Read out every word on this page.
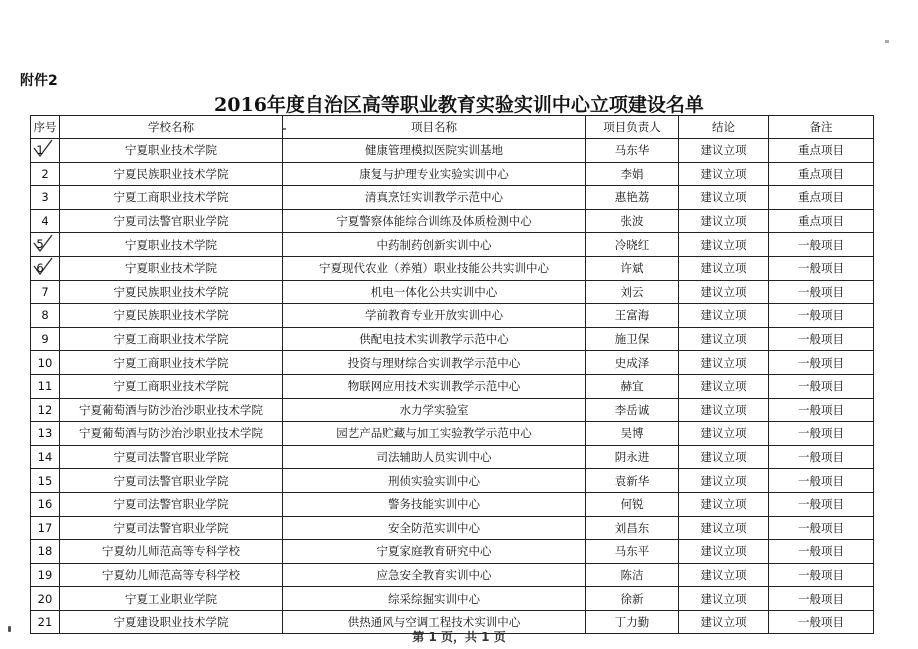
附件2
2016年度自治区高等职业教育实验实训中心立项建设名单
序号	学校名称	项目名称	项目负责人	结论	备注

1	宁夏职业技术学院	健康管理模拟医院实训基地	马东华	建议立项	重点项目
2	宁夏民族职业技术学院	康复与护理专业实验实训中心	李娟	建议立项	重点项目
3	宁夏工商职业技术学院	清真烹饪实训教学示范中心	惠艳荔	建议立项	重点项目
4	宁夏司法警官职业学院	宁夏警察体能综合训练及体质检测中心	张波	建议立项	重点项目

5	宁夏职业技术学院	中药制药创新实训中心	冷晓红	建议立项	一般项目

6	宁夏职业技术学院	宁夏现代农业（养殖）职业技能公共实训中心	许斌	建议立项	一般项目
7	宁夏民族职业技术学院	机电一体化公共实训中心	刘云	建议立项	一般项目
8	宁夏民族职业技术学院	学前教育专业开放实训中心	王富海	建议立项	一般项目
9	宁夏工商职业技术学院	供配电技术实训教学示范中心	施卫保	建议立项	一般项目
10	宁夏工商职业技术学院	投资与理财综合实训教学示范中心	史成泽	建议立项	一般项目
11	宁夏工商职业技术学院	物联网应用技术实训教学示范中心	赫宜	建议立项	一般项目
12	宁夏葡萄酒与防沙治沙职业技术学院	水力学实验室	李岳诚	建议立项	一般项目
13	宁夏葡萄酒与防沙治沙职业技术学院	园艺产品贮藏与加工实验教学示范中心	吴博	建议立项	一般项目
14	宁夏司法警官职业学院	司法辅助人员实训中心	阴永进	建议立项	一般项目
15	宁夏司法警官职业学院	刑侦实验实训中心	袁新华	建议立项	一般项目
16	宁夏司法警官职业学院	警务技能实训中心	何锐	建议立项	一般项目
17	宁夏司法警官职业学院	安全防范实训中心	刘昌东	建议立项	一般项目
18	宁夏幼儿师范高等专科学校	宁夏家庭教育研究中心	马东平	建议立项	一般项目
19	宁夏幼儿师范高等专科学校	应急安全教育实训中心	陈洁	建议立项	一般项目
20	宁夏工业职业学院	综采综掘实训中心	徐新	建议立项	一般项目
21	宁夏建设职业技术学院	供热通风与空调工程技术实训中心	丁力勤	建议立项	一般项目
第 1 页，共 1 页
